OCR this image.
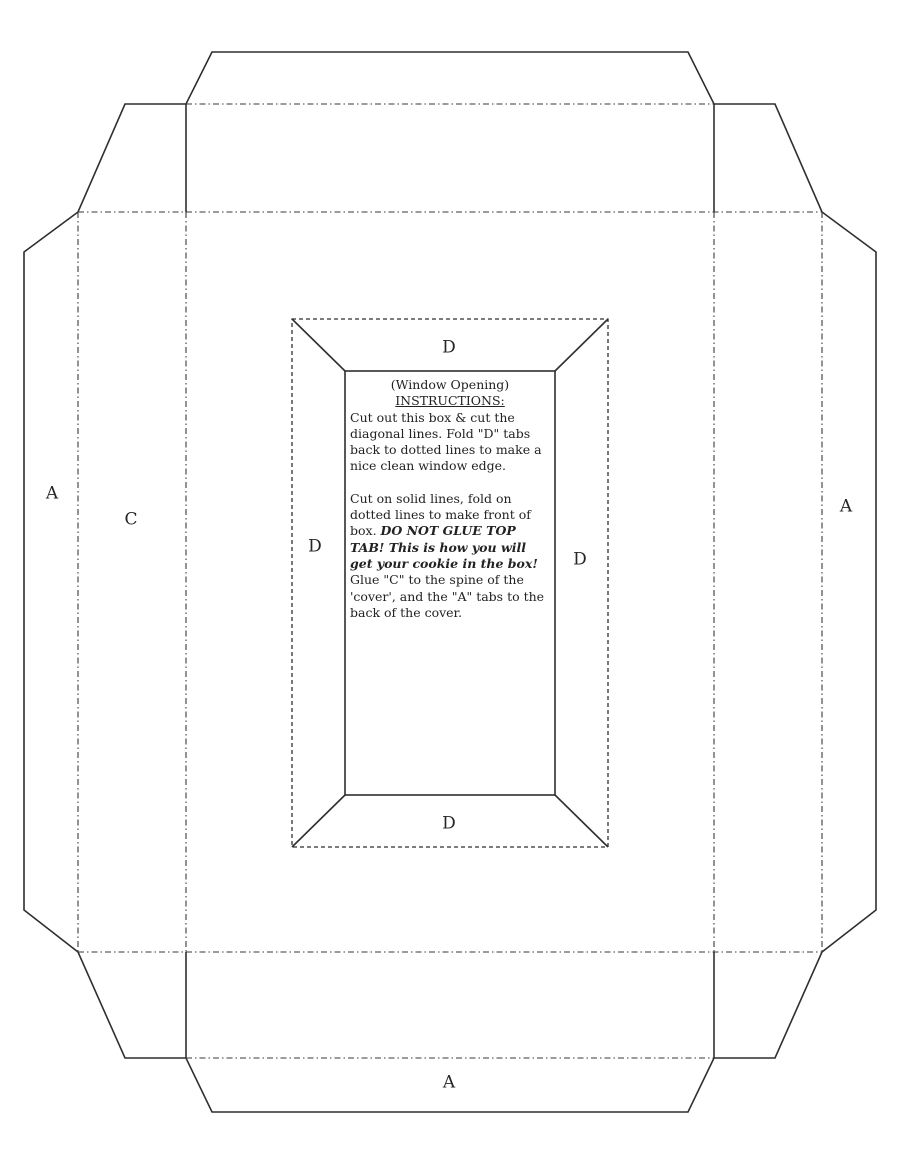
A
C
A
A
D
D
D
D
(Window Opening)
INSTRUCTIONS:

Cut out this box & cut the diagonal lines. Fold "D" tabs back to dotted lines to make a nice clean window edge.

Cut on solid lines, fold on dotted lines to make front of box. DO NOT GLUE TOP TAB! This is how you will get your cookie in the box! Glue "C" to the spine of the 'cover', and the "A" tabs to the back of the cover.
